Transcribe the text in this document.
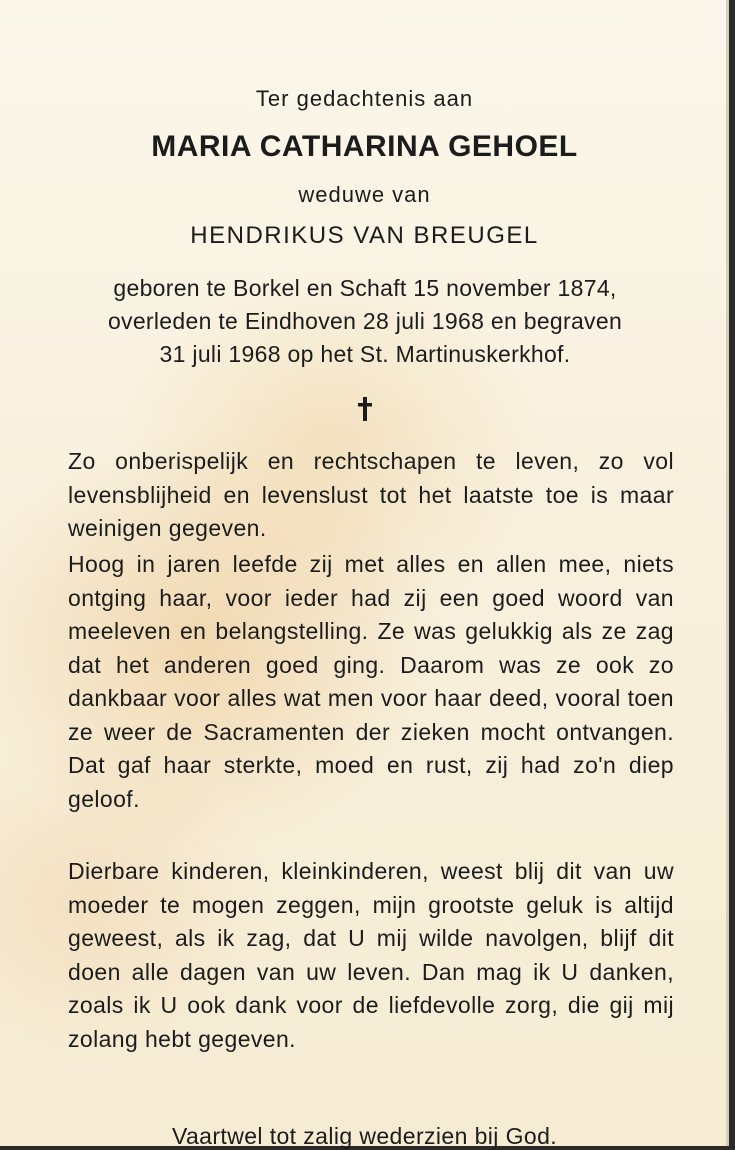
Ter gedachtenis aan

MARIA CATHARINA GEHOEL

weduwe van

HENDRIKUS VAN BREUGEL

geboren te Borkel en Schaft 15 november 1874,
overleden te Eindhoven 28 juli 1968 en begraven
31 juli 1968 op het St. Martinuskerkhof.

Zo onberispelijk en rechtschapen te leven, zo vol levensblijheid en levenslust tot het laatste toe is maar weinigen gegeven.

Hoog in jaren leefde zij met alles en allen mee, niets ontging haar, voor ieder had zij een goed woord van meeleven en belangstelling. Ze was gelukkig als ze zag dat het anderen goed ging. Daarom was ze ook zo dankbaar voor alles wat men voor haar deed, vooral toen ze weer de Sacramenten der zieken mocht ontvangen. Dat gaf haar sterkte, moed en rust, zij had zo'n diep geloof.

Dierbare kinderen, kleinkinderen, weest blij dit van uw moeder te mogen zeggen, mijn grootste geluk is altijd geweest, als ik zag, dat U mij wilde navolgen, blijf dit doen alle dagen van uw leven. Dan mag ik U danken, zoals ik U ook dank voor de liefdevolle zorg, die gij mij zolang hebt gegeven.

Vaartwel tot zalig wederzien bij God.
